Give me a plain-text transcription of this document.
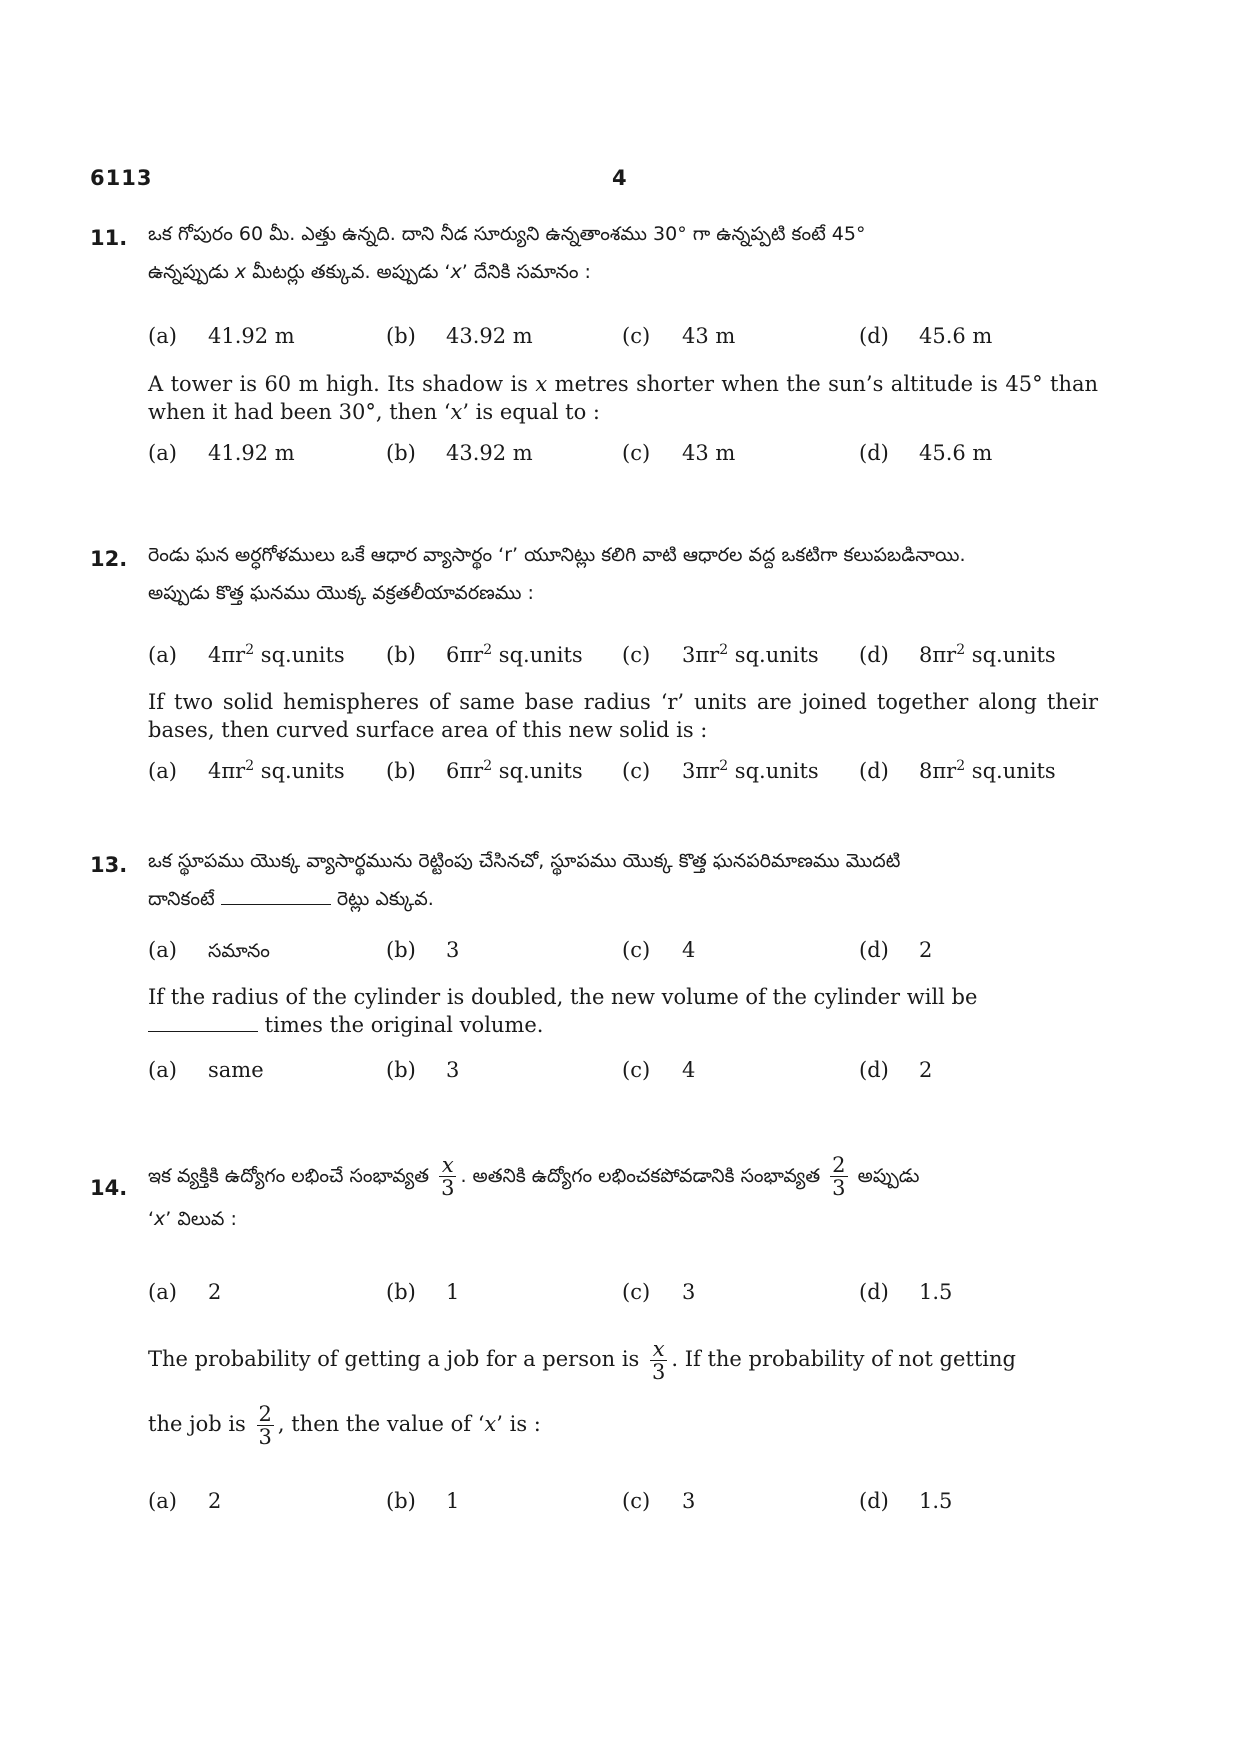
6113	4
11. ఒక గోపురం 60 మీ. ఎత్తు ఉన్నది. దాని నీడ సూర్యుని ఉన్నతాంశము 30° గా ఉన్నప్పటి కంటే 45°
ఉన్నప్పుడు x మీటర్లు తక్కువ. అప్పుడు ‘x’ దేనికి సమానం :
(a) 41.92 m	(b) 43.92 m	(c) 43 m	(d) 45.6 m
A tower is 60 m high. Its shadow is x metres shorter when the sun’s altitude is 45° than when it had been 30°, then ‘x’ is equal to :
(a) 41.92 m	(b) 43.92 m	(c) 43 m	(d) 45.6 m
12. రెండు ఘన అర్ధగోళములు ఒకే ఆధార వ్యాసార్థం ‘r’ యూనిట్లు కలిగి వాటి ఆధారల వద్ద ఒకటిగా కలుపబడినాయి.
అప్పుడు కొత్త ఘనము యొక్క వక్రతలీయావరణము :
(a) $4\pi r^2$ sq.units (b) $6\pi r^2$ sq.units (c) $3\pi r^2$ sq.units (d) $8\pi r^2$ sq.units
If two solid hemispheres of same base radius ‘r’ units are joined together along their bases, then curved surface area of this new solid is :
(a) $4\pi r^2$ sq.units (b) $6\pi r^2$ sq.units (c) $3\pi r^2$ sq.units (d) $8\pi r^2$ sq.units
13. ఒక స్థూపము యొక్క వ్యాసార్థమును రెట్టింపు చేసినచో, స్థూపము యొక్క కొత్త ఘనపరిమాణము మొదటి
దానికంటే	రెట్లు ఎక్కువ.
(a) సమానం	(b) 3	(c) 4	(d) 2
If the radius of the cylinder is doubled, the new volume of the cylinder will be
times the original volume.
(a) same	(b) 3	(c) 4	(d) 2
14. ఇక వ్యక్తికి ఉద్యోగం లభించే సంభావ్యత $\frac{x}{3}$ . అతనికి ఉద్యోగం లభించకపోవడానికి సంభావ్యత $\frac{2}{3}$ అప్పుడు
‘x’ విలువ :
(a) 2	(b) 1	(c) 3	(d) 1.5
The probability of getting a job for a person is $\frac{x}{3}$ . If the probability of not getting
the job is $\frac{2}{3}$ , then the value of ‘x’ is :
(a) 2	(b) 1	(c) 3	(d) 1.5
